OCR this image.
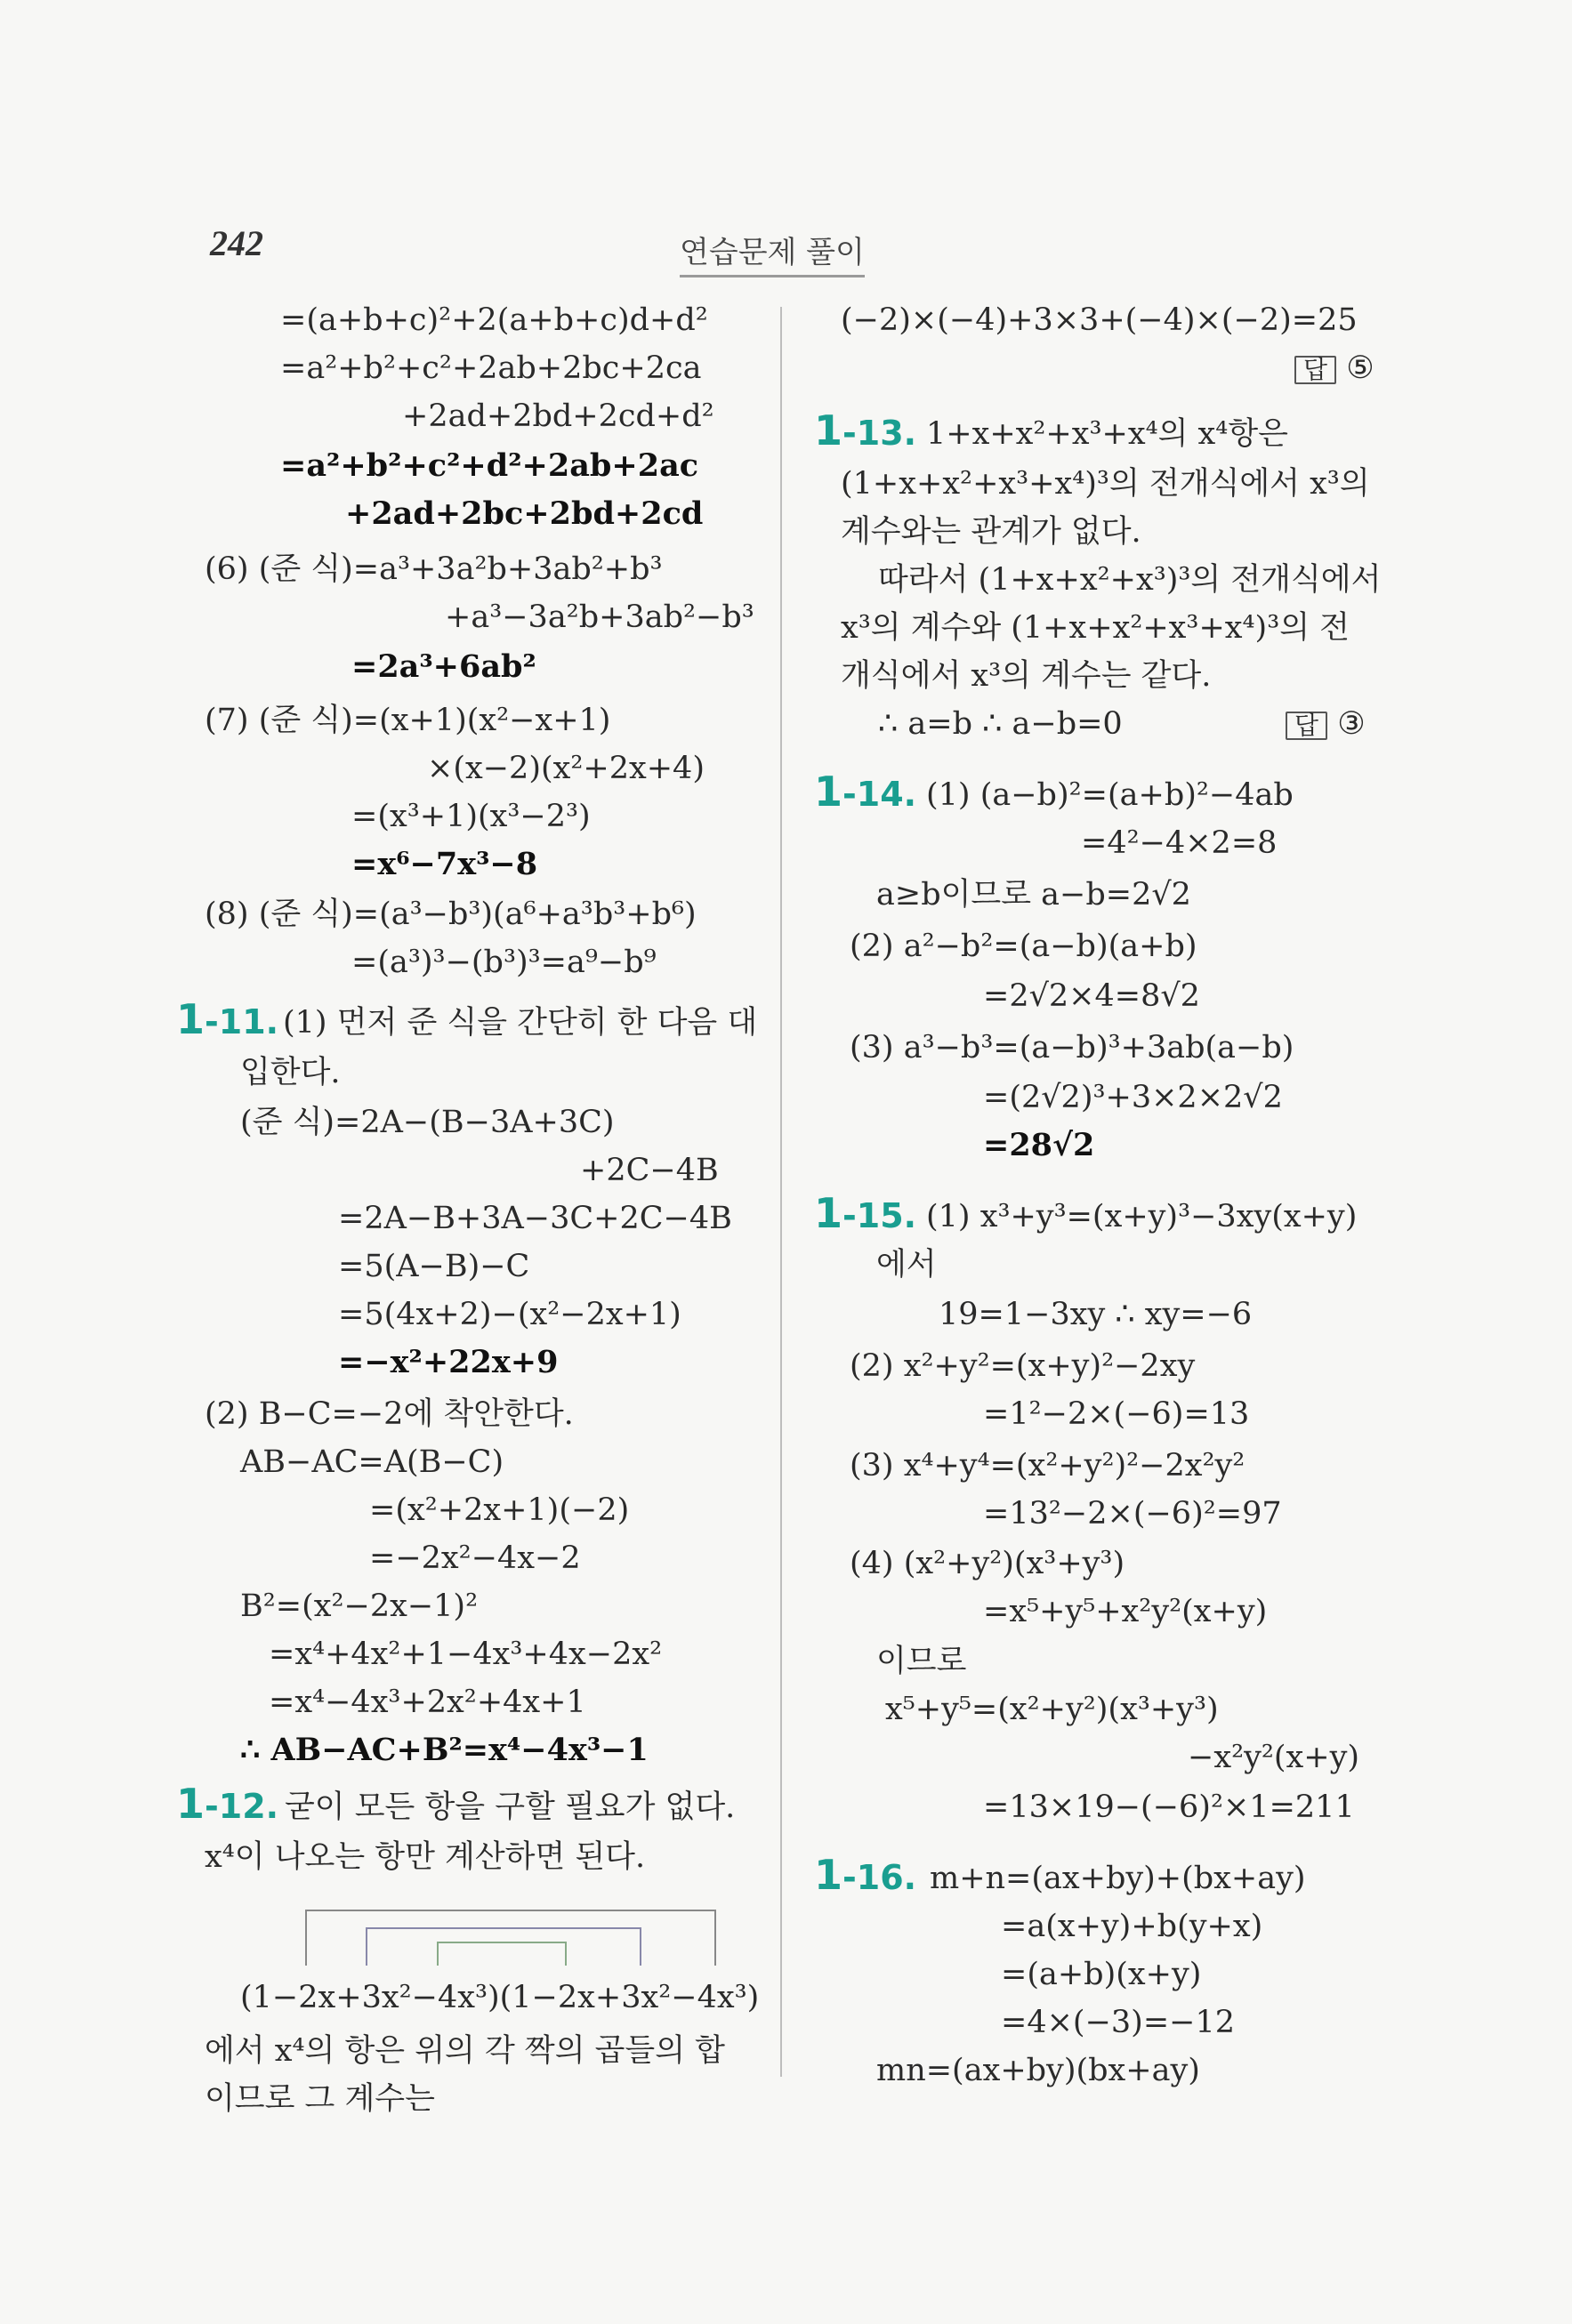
242	연습문제 풀이
=(a+b+c)²+2(a+b+c)d+d²
=a²+b²+c²+2ab+2bc+2ca
+2ad+2bd+2cd+d²
=a²+b²+c²+d²+2ab+2ac
+2ad+2bc+2bd+2cd
(6) (준 식)=a³+3a²b+3ab²+b³
+a³−3a²b+3ab²−b³
=2a³+6ab²
(7) (준 식)=(x+1)(x²−x+1)
×(x−2)(x²+2x+4)
=(x³+1)(x³−2³)
=x⁶−7x³−8
(8) (준 식)=(a³−b³)(a⁶+a³b³+b⁶)
=(a³)³−(b³)³=a⁹−b⁹
1-11. (1) 먼저 준 식을 간단히 한 다음 대
입한다.
(준 식)=2A−(B−3A+3C)
+2C−4B
=2A−B+3A−3C+2C−4B
=5(A−B)−C
=5(4x+2)−(x²−2x+1)
=−x²+22x+9
(2) B−C=−2에 착안한다.
AB−AC=A(B−C)
=(x²+2x+1)(−2)
=−2x²−4x−2
B²=(x²−2x−1)²
=x⁴+4x²+1−4x³+4x−2x²
=x⁴−4x³+2x²+4x+1
∴ AB−AC+B²=x⁴−4x³−1
1-12. 굳이 모든 항을 구할 필요가 없다.
x⁴이 나오는 항만 계산하면 된다.
(1−2x+3x²−4x³)(1−2x+3x²−4x³)
에서 x⁴의 항은 위의 각 짝의 곱들의 합
이므로 그 계수는
(−2)×(−4)+3×3+(−4)×(−2)=25
답 ⑤
1-13. 1+x+x²+x³+x⁴의 x⁴항은
(1+x+x²+x³+x⁴)³의 전개식에서 x³의
계수와는 관계가 없다.
따라서 (1+x+x²+x³)³의 전개식에서
x³의 계수와 (1+x+x²+x³+x⁴)³의 전
개식에서 x³의 계수는 같다.
∴ a=b ∴ a−b=0	답 ③
1-14. (1) (a−b)²=(a+b)²−4ab
=4²−4×2=8
a≥b이므로 a−b=2√2
(2) a²−b²=(a−b)(a+b)
=2√2×4=8√2
(3) a³−b³=(a−b)³+3ab(a−b)
=(2√2)³+3×2×2√2
=28√2
1-15. (1) x³+y³=(x+y)³−3xy(x+y)
에서
19=1−3xy ∴ xy=−6
(2) x²+y²=(x+y)²−2xy
=1²−2×(−6)=13
(3) x⁴+y⁴=(x²+y²)²−2x²y²
=13²−2×(−6)²=97
(4) (x²+y²)(x³+y³)
=x⁵+y⁵+x²y²(x+y)
이므로
x⁵+y⁵=(x²+y²)(x³+y³)
−x²y²(x+y)
=13×19−(−6)²×1=211
1-16. m+n=(ax+by)+(bx+ay)
=a(x+y)+b(y+x)
=(a+b)(x+y)
=4×(−3)=−12
mn=(ax+by)(bx+ay)
